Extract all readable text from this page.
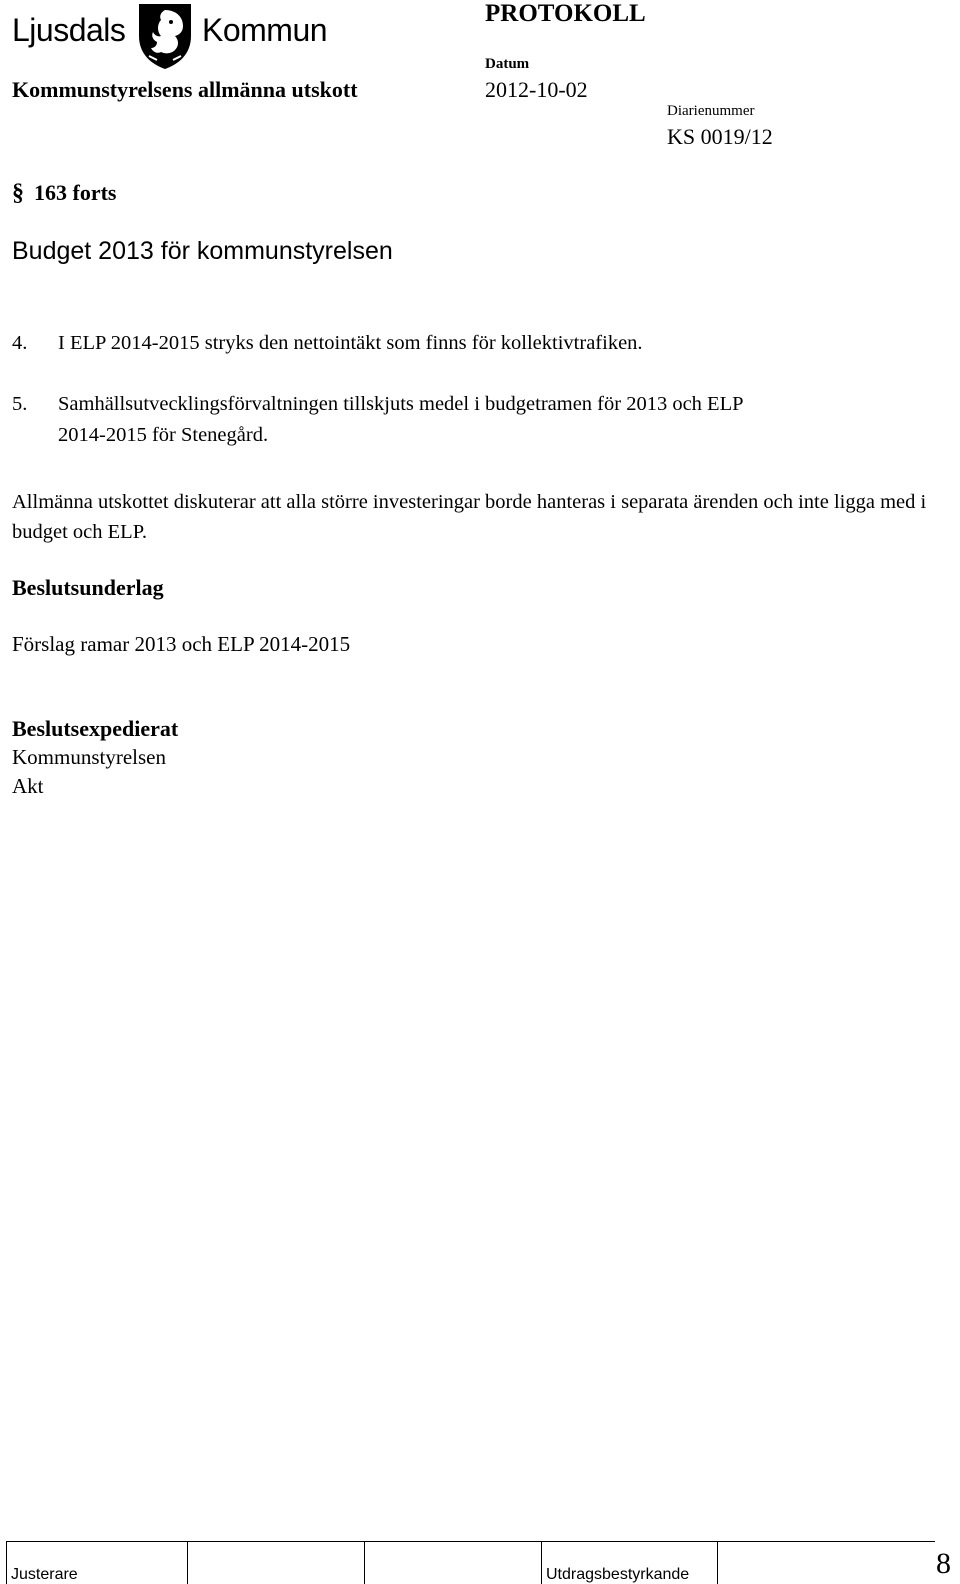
Ljusdals Kommun	PROTOKOLL
Kommunstyrelsens allmänna utskott
Datum
2012-10-02
Diarienummer
KS 0019/12
§ 163 forts
Budget 2013 för kommunstyrelsen
4. I ELP 2014-2015 stryks den nettointäkt som finns för kollektivtrafiken.
5. Samhällsutvecklingsförvaltningen tillskjuts medel i budgetramen för 2013 och ELP
2014-2015 för Stenegård.
Allmänna utskottet diskuterar att alla större investeringar borde hanteras i separata ärenden och inte ligga med i budget och ELP.
Beslutsunderlag
Förslag ramar 2013 och ELP 2014-2015
Beslutsexpedierat
Kommunstyrelsen
Akt
Justerare	Utdragsbestyrkande	8
